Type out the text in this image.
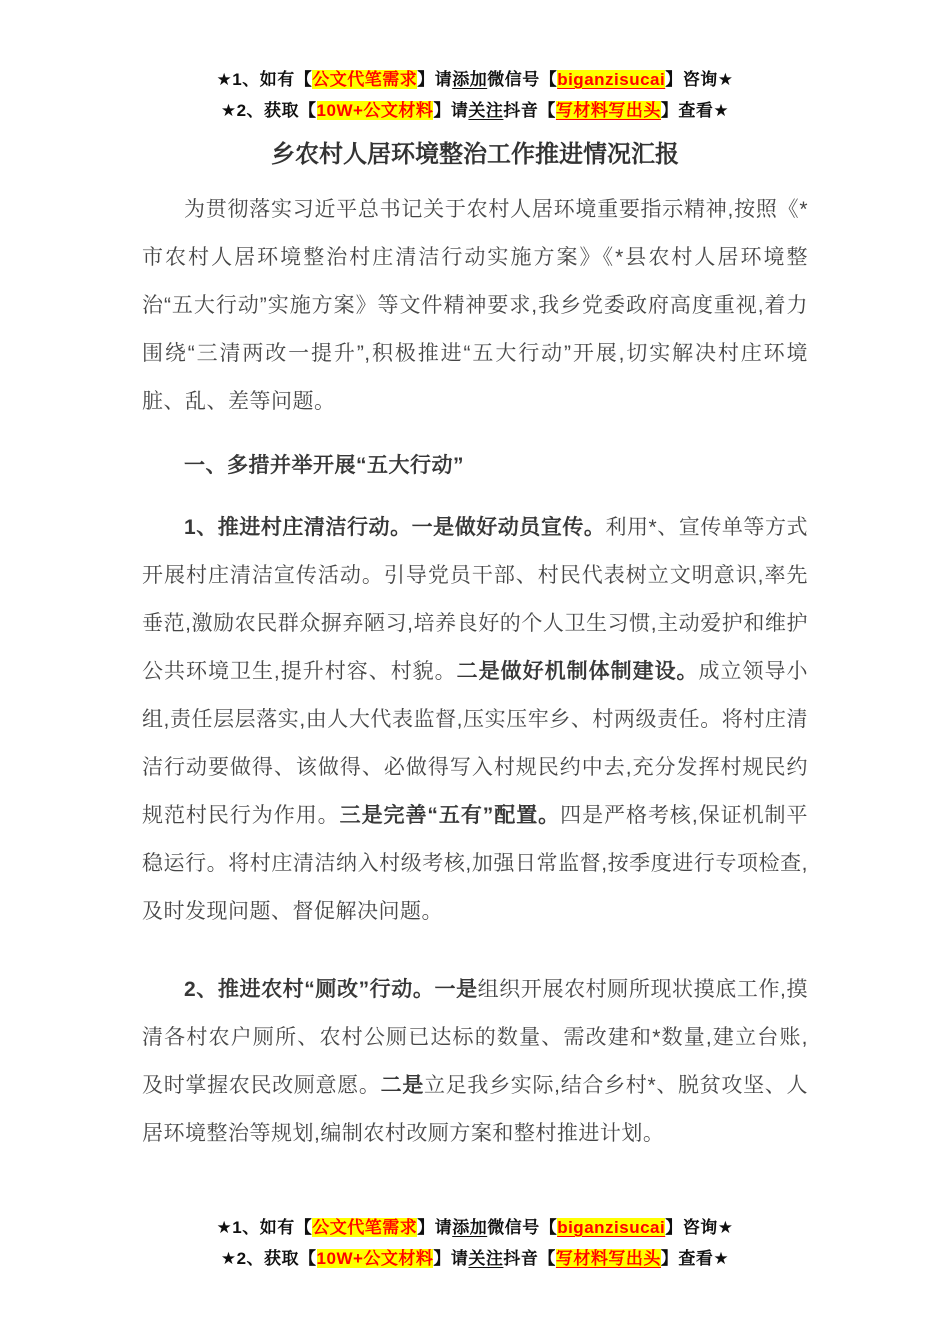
★1、如有【公文代笔需求】请添加微信号【biganzisucai】咨询★
★2、获取【10W+公文材料】请关注抖音【写材料写出头】查看★
乡农村人居环境整治工作推进情况汇报

为贯彻落实习近平总书记关于农村人居环境重要指示精神,按照《*市农村人居环境整治村庄清洁行动实施方案》《*县农村人居环境整治“五大行动”实施方案》等文件精神要求,我乡党委政府高度重视,着力围绕“三清两改一提升”,积极推进“五大行动”开展,切实解决村庄环境脏、乱、差等问题。

一、多措并举开展“五大行动”

1、推进村庄清洁行动。一是做好动员宣传。利用*、宣传单等方式开展村庄清洁宣传活动。引导党员干部、村民代表树立文明意识,率先垂范,激励农民群众摒弃陋习,培养良好的个人卫生习惯,主动爱护和维护公共环境卫生,提升村容、村貌。二是做好机制体制建设。成立领导小组,责任层层落实,由人大代表监督,压实压牢乡、村两级责任。将村庄清洁行动要做得、该做得、必做得写入村规民约中去,充分发挥村规民约规范村民行为作用。三是完善“五有”配置。四是严格考核,保证机制平稳运行。将村庄清洁纳入村级考核,加强日常监督,按季度进行专项检查,及时发现问题、督促解决问题。

2、推进农村“厕改”行动。一是组织开展农村厕所现状摸底工作,摸清各村农户厕所、农村公厕已达标的数量、需改建和*数量,建立台账,及时掌握农民改厕意愿。二是立足我乡实际,结合乡村*、脱贫攻坚、人居环境整治等规划,编制农村改厕方案和整村推进计划。

★1、如有【公文代笔需求】请添加微信号【biganzisucai】咨询★
★2、获取【10W+公文材料】请关注抖音【写材料写出头】查看★
